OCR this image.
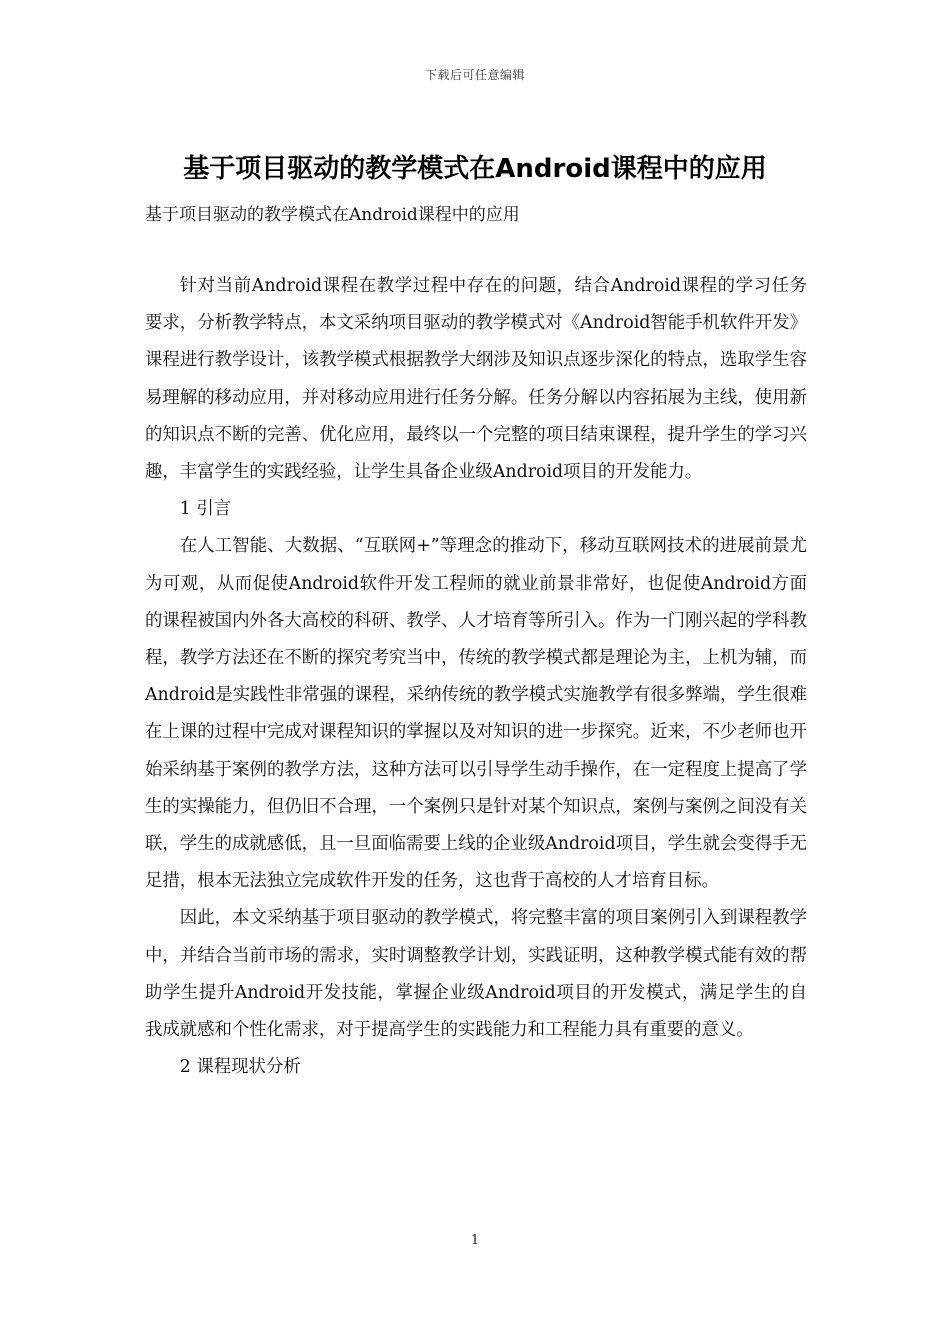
下载后可任意编辑
基于项目驱动的教学模式在Android课程中的应用
基于项目驱动的教学模式在Android课程中的应用

针对当前Android课程在教学过程中存在的问题，结合Android课程的学习任务要求，分析教学特点，本文采纳项目驱动的教学模式对《Android智能手机软件开发》课程进行教学设计，该教学模式根据教学大纲涉及知识点逐步深化的特点，选取学生容易理解的移动应用，并对移动应用进行任务分解。任务分解以内容拓展为主线，使用新的知识点不断的完善、优化应用，最终以一个完整的项目结束课程，提升学生的学习兴趣，丰富学生的实践经验，让学生具备企业级Android项目的开发能力。

1 引言

在人工智能、大数据、“互联网+”等理念的推动下，移动互联网技术的进展前景尤为可观，从而促使Android软件开发工程师的就业前景非常好，也促使Android方面的课程被国内外各大高校的科研、教学、人才培育等所引入。作为一门刚兴起的学科教程，教学方法还在不断的探究考究当中，传统的教学模式都是理论为主，上机为辅，而Android是实践性非常强的课程，采纳传统的教学模式实施教学有很多弊端，学生很难在上课的过程中完成对课程知识的掌握以及对知识的进一步探究。近来，不少老师也开始采纳基于案例的教学方法，这种方法可以引导学生动手操作，在一定程度上提高了学生的实操能力，但仍旧不合理，一个案例只是针对某个知识点，案例与案例之间没有关联，学生的成就感低，且一旦面临需要上线的企业级Android项目，学生就会变得手无足措，根本无法独立完成软件开发的任务，这也背于高校的人才培育目标。

因此，本文采纳基于项目驱动的教学模式，将完整丰富的项目案例引入到课程教学中，并结合当前市场的需求，实时调整教学计划，实践证明，这种教学模式能有效的帮助学生提升Android开发技能，掌握企业级Android项目的开发模式，满足学生的自我成就感和个性化需求，对于提高学生的实践能力和工程能力具有重要的意义。

2 课程现状分析

1
